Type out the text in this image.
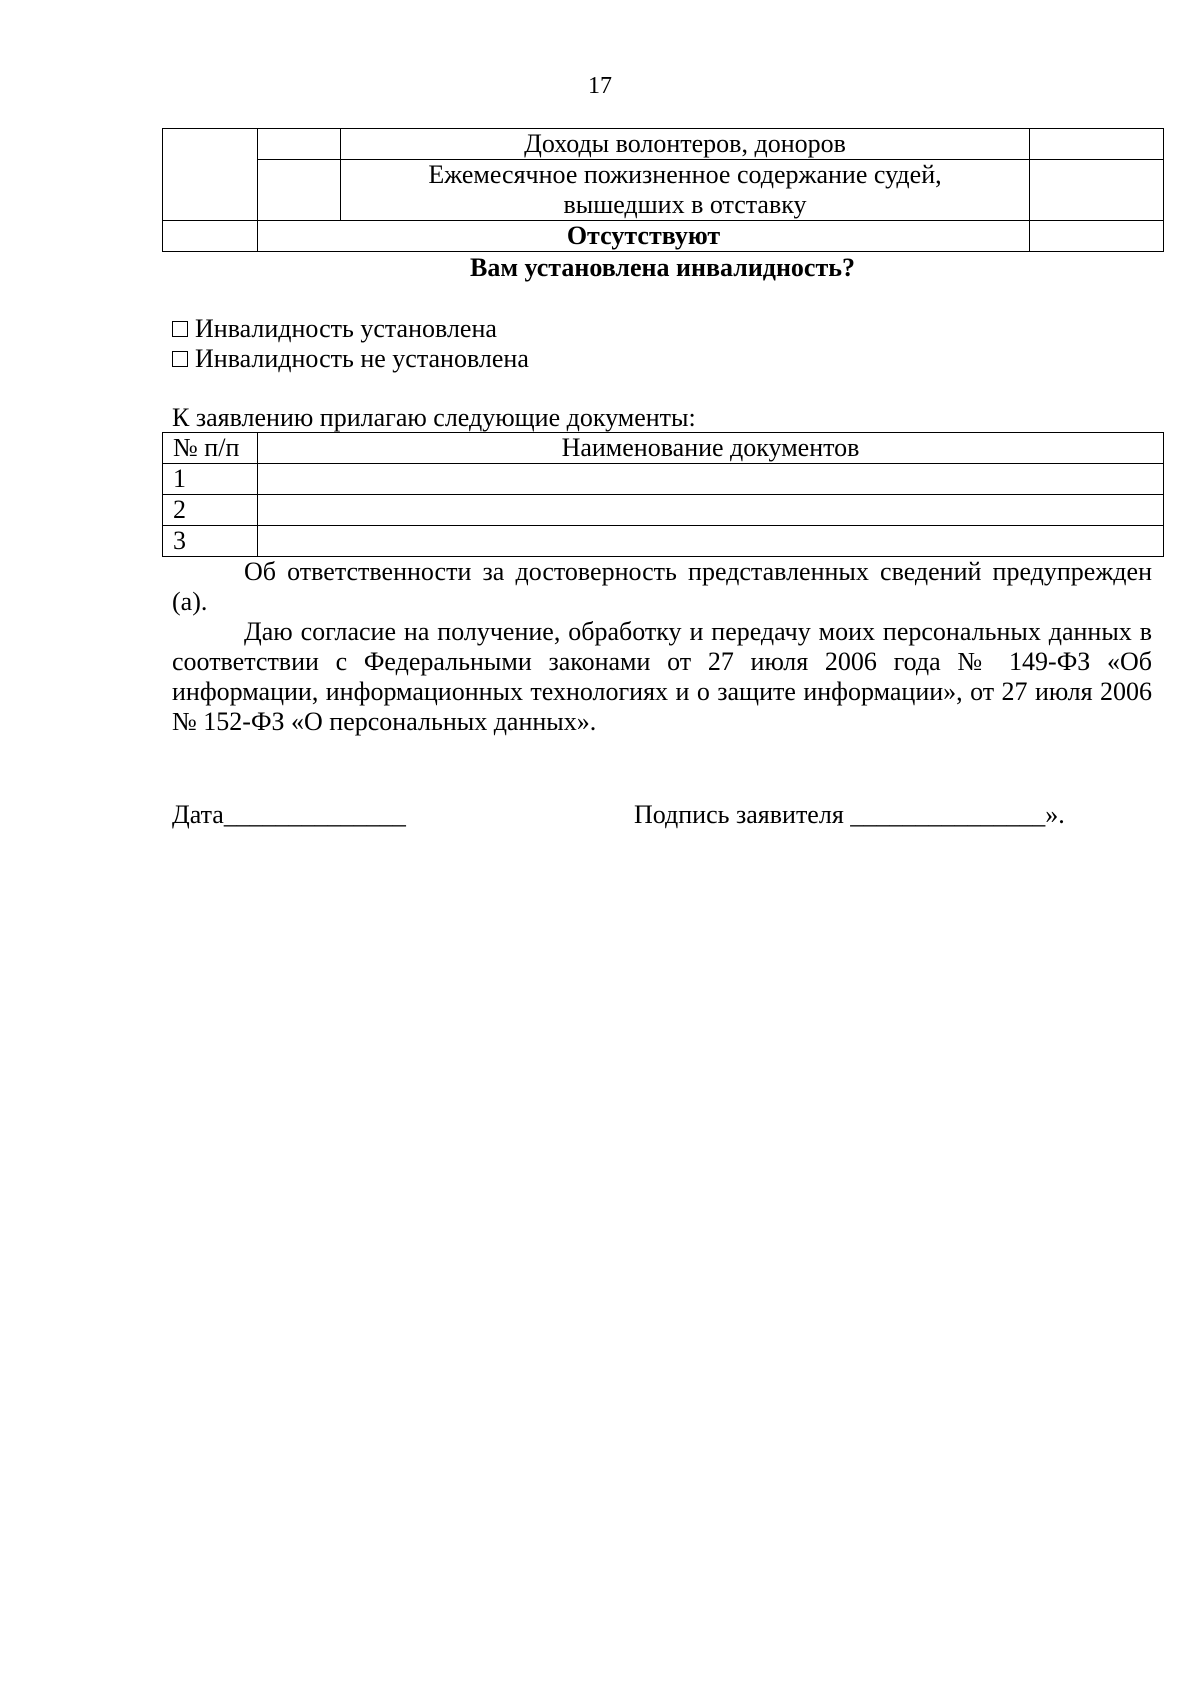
17
		Доходы волонтеров, доноров	

		Ежемесячное пожизненное содержание судей,
вышедших в отставку	

	Отсутствуют		
Вам установлена инвалидность?
Инвалидность установлена
Инвалидность не установлена
К заявлению прилагаю следующие документы:
№ п/п	Наименование документов
1	
2	
3	
Об ответственности за достоверность представленных сведений предупрежден (а).
Даю согласие на получение, обработку и передачу моих персональных данных в соответствии с Федеральными законами от 27 июля 2006 года № 149-ФЗ «Об информации, информационных технологиях и о защите информации», от 27 июля 2006 № 152-ФЗ «О персональных данных».
Дата______________	Подпись заявителя _______________».
